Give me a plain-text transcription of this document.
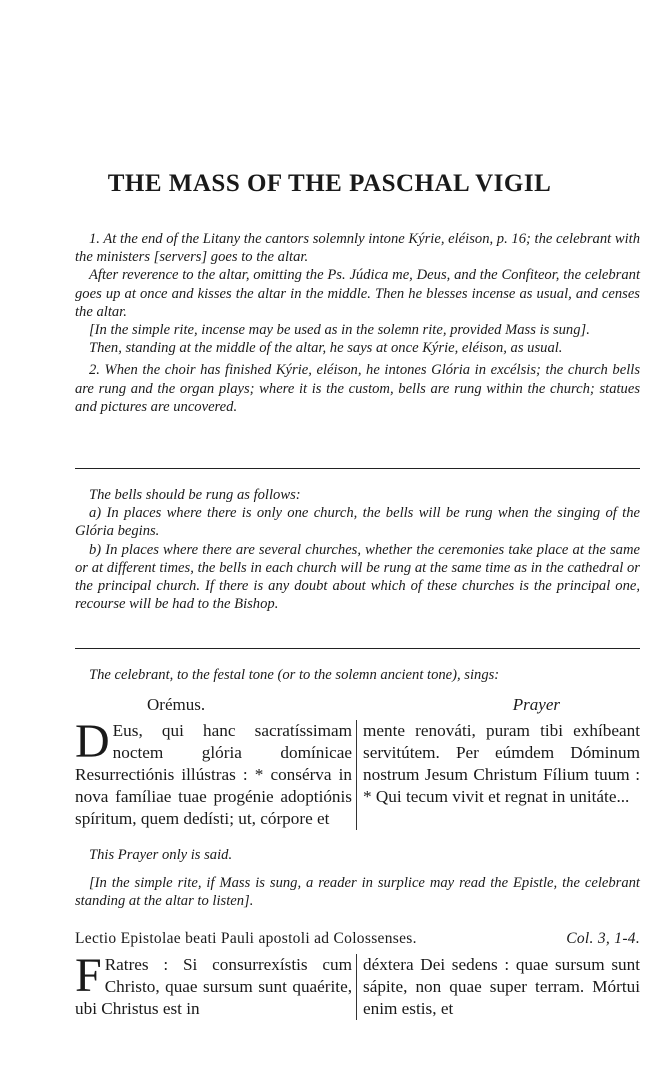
THE MASS OF THE PASCHAL VIGIL

1. At the end of the Litany the cantors solemnly intone Kýrie, eléison, p. 16; the celebrant with the ministers [servers] goes to the altar.

After reverence to the altar, omitting the Ps. Júdica me, Deus, and the Confiteor, the celebrant goes up at once and kisses the altar in the middle. Then he blesses incense as usual, and censes the altar.

[In the simple rite, incense may be used as in the solemn rite, provided Mass is sung].

Then, standing at the middle of the altar, he says at once Kýrie, eléison, as usual.

2. When the choir has finished Kýrie, eléison, he intones Glória in excélsis; the church bells are rung and the organ plays; where it is the custom, bells are rung within the church; statues and pictures are uncovered.

The bells should be rung as follows:

a) In places where there is only one church, the bells will be rung when the singing of the Glória begins.

b) In places where there are several churches, whether the ceremonies take place at the same or at different times, the bells in each church will be rung at the same time as in the cathedral or the principal church. If there is any doubt about which of these churches is the principal one, recourse will be had to the Bishop.

The celebrant, to the festal tone (or to the solemn ancient tone), sings:

Orémus.	Prayer
D Eus, qui hanc sacratíssimam noctem glória domínicae Resurrectiónis illústras : * consérva in nova famíliae tuae progénie adoptiónis spíritum, quem dedísti; ut, córpore et
mente renováti, puram tibi exhíbeant servitútem. Per eúmdem Dóminum nostrum Jesum Christum Fílium tuum : * Qui tecum vivit et regnat in unitáte...

This Prayer only is said.

[In the simple rite, if Mass is sung, a reader in surplice may read the Epistle, the celebrant standing at the altar to listen].

Lectio Epistolae beati Pauli apostoli ad Colossenses.	Col. 3, 1-4.
F Ratres : Si consurrexístis cum Christo, quae sursum sunt quaérite, ubi Christus est in
déxtera Dei sedens : quae sursum sunt sápite, non quae super terram. Mórtui enim estis, et
